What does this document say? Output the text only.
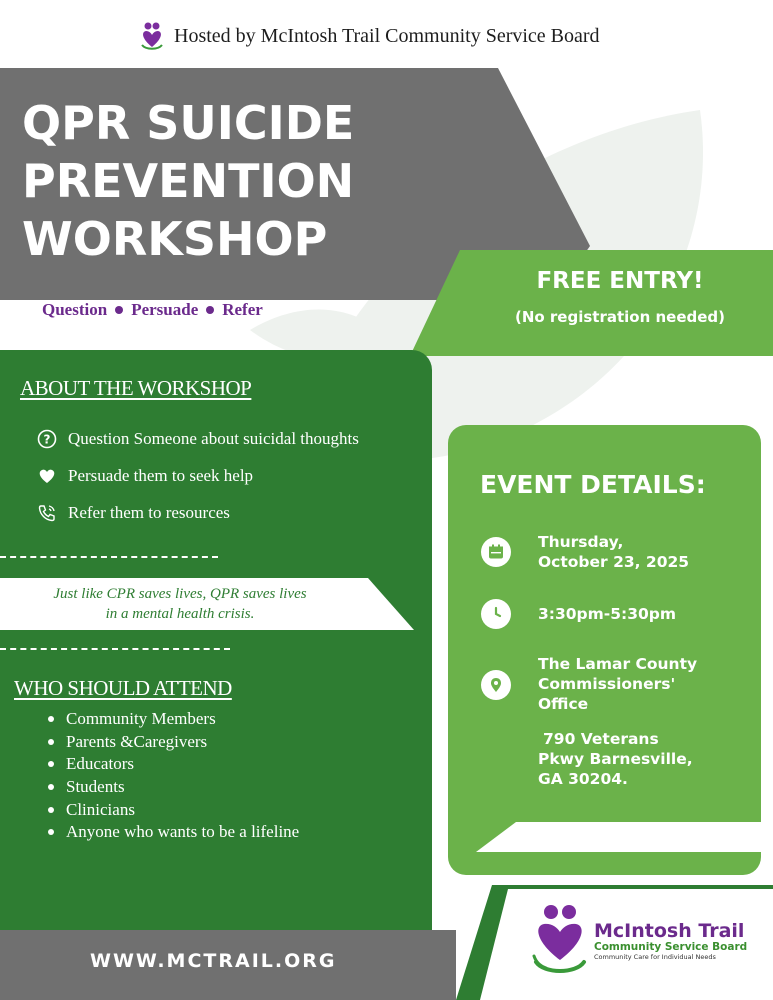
Hosted by McIntosh Trail Community Service Board
QPR SUICIDE
PREVENTION
WORKSHOP
Question Persuade Refer
FREE ENTRY!
(No registration needed)
ABOUT THE WORKSHOP
? Question Someone about suicidal thoughts
Persuade them to seek help
Refer them to resources
Just like CPR saves lives, QPR saves lives
in a mental health crisis.
WHO SHOULD ATTEND
Community Members
Parents &Caregivers
Educators
Students
Clinicians
Anyone who wants to be a lifeline
EVENT DETAILS:
Thursday,
October 23, 2025
3:30pm-5:30pm
The Lamar County
Commissioners'
Office
790 Veterans
Pkwy Barnesville,
GA 30204.
WWW.MCTRAIL.ORG
McIntosh Trail
Community Service Board
Community Care for Individual Needs
